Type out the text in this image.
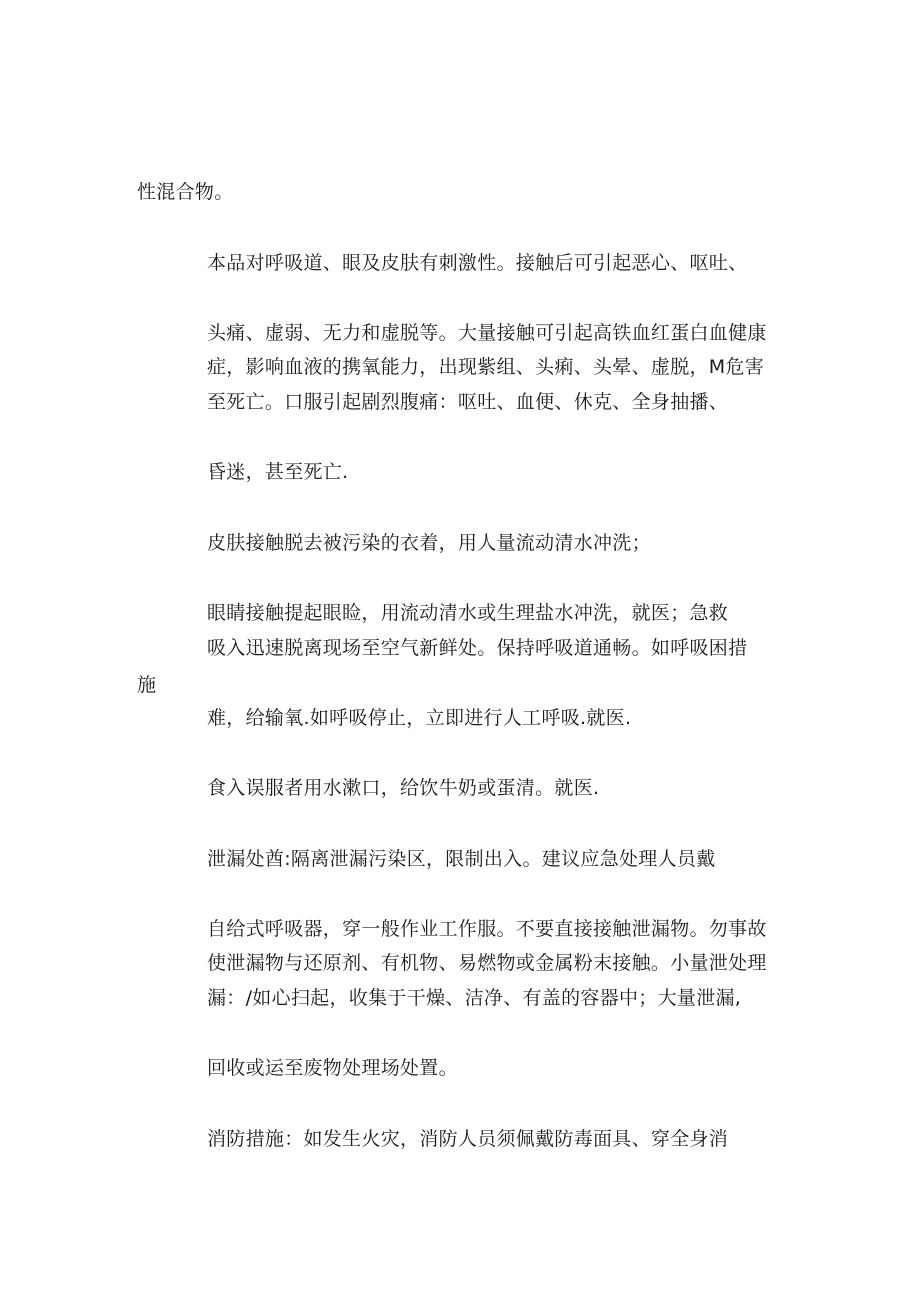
性混合物。
本品对呼吸道、眼及皮肤有刺激性。接触后可引起恶心、呕吐、
头痛、虚弱、无力和虚脱等。大量接触可引起高铁血红蛋白血健康
症，影响血液的携氧能力，出现紫组、头痢、头晕、虚脱，M危害
至死亡。口服引起剧烈腹痛：呕吐、血便、休克、全身抽播、
昏迷，甚至死亡.
皮肤接触脱去被污染的衣着，用人量流动清水冲洗；
眼睛接触提起眼睑，用流动清水或生理盐水冲洗，就医；急救
吸入迅速脱离现场至空气新鲜处。保持呼吸道通畅。如呼吸困措
施
难，给输氧.如呼吸停止，立即进行人工呼吸.就医.
食入误服者用水漱口，给饮牛奶或蛋清。就医.
泄漏处酋:隔离泄漏污染区，限制出入。建议应急处理人员戴
自给式呼吸器，穿一般作业工作服。不要直接接触泄漏物。勿事故
使泄漏物与还原剂、有机物、易燃物或金属粉末接触。小量泄处理
漏：/如心扫起，收集于干燥、洁净、有盖的容器中；大量泄漏,
回收或运至废物处理场处置。
消防措施：如发生火灾，消防人员须佩戴防毒面具、穿全身消
